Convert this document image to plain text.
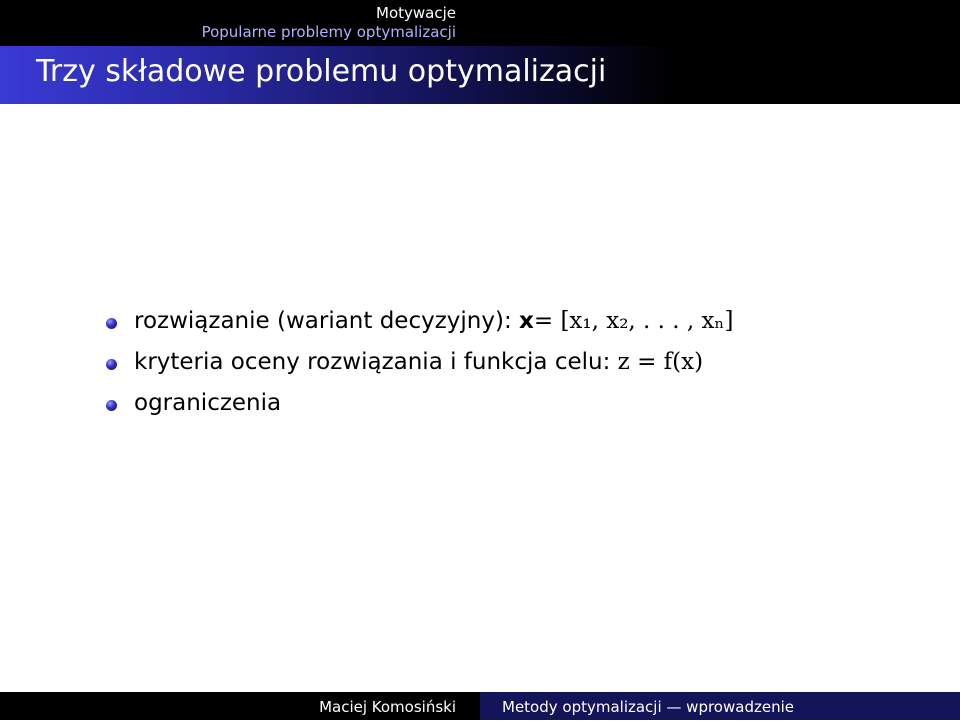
Motywacje
Popularne problemy optymalizacji
Trzy składowe problemu optymalizacji
rozwiązanie (wariant decyzyjny): x= [x₁, x₂, . . . , xₙ]
kryteria oceny rozwiązania i funkcja celu: z = f(x)
ograniczenia
Maciej Komosiński	Metody optymalizacji — wprowadzenie
